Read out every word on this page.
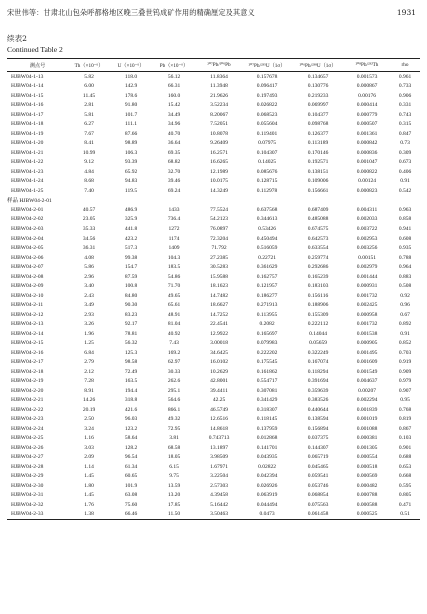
宋世伟等：甘肃北山包朵呼都格地区晚三叠世钨成矿作用的精确厘定及其意义	1931
续表2
Continued Table 2
测点号	Th（×10⁻⁶）	U（×10⁻⁶）	Pb（×10⁻⁶）	²⁰⁷Pb/²⁰⁶Pb	²⁰⁷Pb/²³⁵U（1σ）	²⁰⁶Pb/²³⁸U（1σ）	²⁰⁸Pb/²³²Th	rho
HJBW04-1-13	5.82	118.0	56.12	11.8364	0.157678	0.134657	0.001573	0.961
HJBW04-1-14	6.00	142.9	66.31	11.3948	0.096417	0.130776	0.000867	0.733
HJBW04-1-15	11.45	178.6	160.0	21.9626	0.197493	0.219233	0.00176	0.906
HJBW04-1-16	2.81	91.80	15.42	3.52234	0.026822	0.069997	0.000414	0.331
HJBW04-1-17	5.81	101.7	34.49	8.20067	0.068523	0.104377	0.000779	0.743
HJBW04-1-18	6.27	111.1	34.96	7.52051	0.055604	0.098768	0.000507	0.315
HJBW04-1-19	7.67	87.66	40.70	10.8078	0.119401	0.126377	0.001361	0.847
HJBW04-1-20	8.41	98.89	36.64	9.26409	0.07975	0.113189	0.000842	0.73
HJBW04-1-21	10.99	106.3	69.35	16.2571	0.104307	0.170146	0.000836	0.309
HJBW04-1-22	9.12	93.39	68.82	16.6265	0.14025	0.192571	0.001047	0.673
HJBW04-1-23	4.84	65.92	32.70	12.1989	0.085676	0.138151	0.000822	0.406
HJBW04-1-24	8.68	94.83	39.46	10.0175	0.128715	0.109006	0.00124	0.91
HJBW04-1-25	7.40	119.5	69.24	14.3249	0.112978	0.156661	0.000823	0.542
样品 HJBW04-2-01								
HJBW04-2-01	40.57	486.9	1433	77.5524	0.637568	0.687409	0.004311	0.963
HJBW04-2-02	23.05	325.9	736.4	54.2123	0.344613	0.485088	0.002033	0.858
HJBW04-2-03	35.33	441.8	1272	76.0897	0.53426	0.674575	0.003722	0.941
HJBW04-2-04	34.56	423.2	1174	72.3204	0.450494	0.642573	0.002953	0.608
HJBW04-2-05	36.31	517.3	1409	71.792	0.516059	0.633554	0.003256	0.935
HJBW04-2-06	4.08	99.38	104.3	27.2385	0.22721	0.259774	0.00151	0.788
HJBW04-2-07	5.86	154.7	183.5	30.5283	0.361629	0.292686	0.002979	0.964
HJBW04-2-08	2.96	87.59	54.86	15.9588	0.162757	0.165239	0.001444	0.883
HJBW04-2-09	3.40	100.8	71.70	18.1623	0.121957	0.183103	0.000931	0.508
HJBW04-2-10	2.43	84.80	49.65	14.7482	0.186277	0.156116	0.001732	0.92
HJBW04-2-11	3.49	90.30	65.61	18.6627	0.271913	0.188906	0.002425	0.96
HJBW04-2-12	2.93	83.23	48.91	14.7252	0.113955	0.155309	0.000958	0.67
HJBW04-2-13	3.26	92.17	81.04	22.4541	0.2082	0.222112	0.001732	0.892
HJBW04-2-14	1.96	78.81	40.92	12.9922	0.165697	0.14044	0.001538	0.91
HJBW04-2-15	1.25	56.32	7.43	3.00018	0.079983	0.05659	0.000905	0.852
HJBW04-2-16	6.84	125.3	169.2	34.6425	0.222202	0.322249	0.001495	0.703
HJBW04-2-17	2.79	98.58	62.97	16.0102	0.175545	0.167074	0.001609	0.919
HJBW04-2-18	2.12	72.49	30.33	10.2629	0.161862	0.118294	0.001549	0.909
HJBW04-2-19	7.28	163.5	262.6	42.8001	0.554717	0.391694	0.004637	0.979
HJBW04-2-20	8.91	194.4	295.1	39.4411	0.307081	0.359639	0.00207	0.907
HJBW04-2-21	14.26	318.8	564.6	42.25	0.341429	0.383526	0.002294	0.95
HJBW04-2-22	20.19	421.6	866.1	46.5749	0.318307	0.440644	0.001839	0.768
HJBW04-2-23	2.50	96.03	49.32	12.6516	0.118145	0.138594	0.001019	0.819
HJBW04-2-24	3.24	123.2	72.95	14.8618	0.137959	0.156894	0.001088	0.867
HJBW04-2-25	1.16	58.64	3.81	0.743713	0.012868	0.037375	0.000381	0.103
HJBW04-2-26	3.03	128.2	68.58	13.1897	0.141701	0.144307	0.001305	0.901
HJBW04-2-27	2.09	96.54	18.05	3.98509	0.043935	0.065719	0.000554	0.688
HJBW04-2-28	1.14	61.34	6.15	1.67971	0.02822	0.045465	0.000518	0.653
HJBW04-2-29	1.45	60.65	9.75	3.22504	0.042394	0.059541	0.000569	0.668
HJBW04-2-30	1.80	101.9	13.59	2.57303	0.026926	0.053746	0.000482	0.595
HJBW04-2-31	1.45	63.08	13.20	4.39458	0.063919	0.068854	0.000788	0.805
HJBW04-2-32	1.76	75.60	17.85	5.16442	0.044494	0.075563	0.000588	0.471
HJBW04-2-33	1.38	66.46	11.50	3.50463	0.0473	0.061458	0.000525	0.51
